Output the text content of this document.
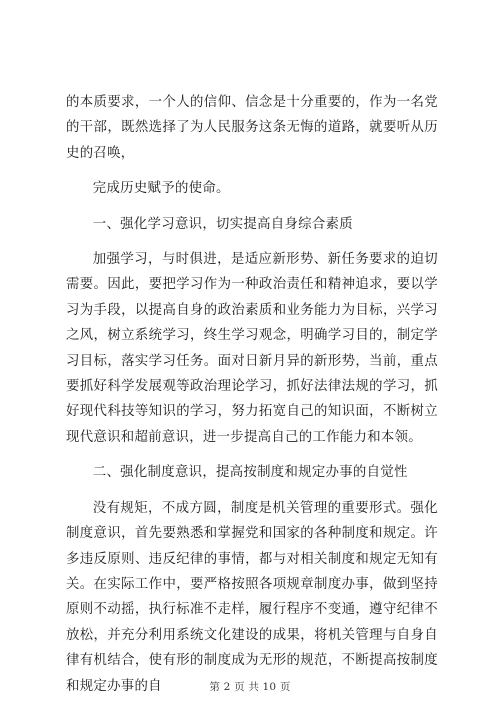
的本质要求，一个人的信仰、信念是十分重要的，作为一名党的干部，既然选择了为人民服务这条无悔的道路，就要听从历史的召唤，

完成历史赋予的使命。

一、强化学习意识，切实提高自身综合素质

加强学习，与时俱进，是适应新形势、新任务要求的迫切需要。因此，要把学习作为一种政治责任和精神追求，要以学习为手段，以提高自身的政治素质和业务能力为目标，兴学习之风，树立系统学习，终生学习观念，明确学习目的，制定学习目标，落实学习任务。面对日新月异的新形势，当前，重点要抓好科学发展观等政治理论学习，抓好法律法规的学习，抓好现代科技等知识的学习，努力拓宽自己的知识面，不断树立现代意识和超前意识，进一步提高自己的工作能力和本领。

二、强化制度意识，提高按制度和规定办事的自觉性

没有规矩，不成方圆，制度是机关管理的重要形式。强化制度意识，首先要熟悉和掌握党和国家的各种制度和规定。许多违反原则、违反纪律的事情，都与对相关制度和规定无知有关。在实际工作中，要严格按照各项规章制度办事，做到坚持原则不动摇，执行标准不走样，履行程序不变通，遵守纪律不放松，并充分利用系统文化建设的成果，将机关管理与自身自律有机结合，使有形的制度成为无形的规范，不断提高按制度和规定办事的自	第 2 页 共 10 页
